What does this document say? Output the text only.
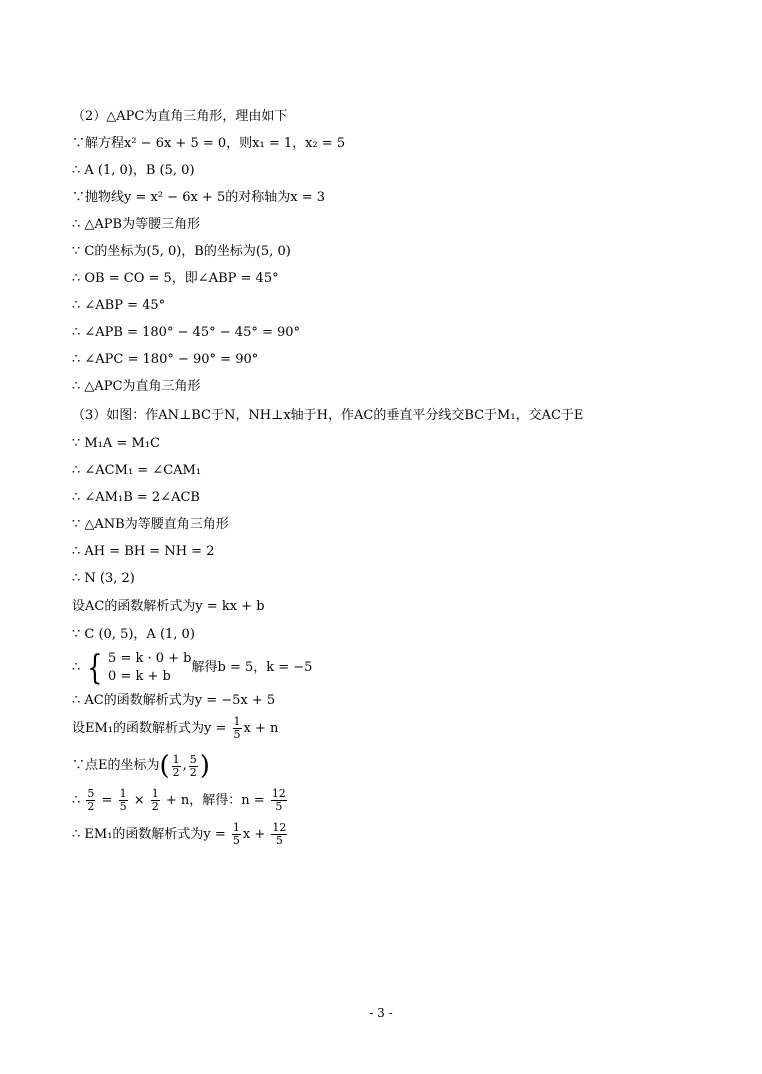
（2）△APC为直角三角形，理由如下
∵解方程x² − 6x + 5 = 0，则x₁ = 1，x₂ = 5
∴ A (1, 0)，B (5, 0)
∵抛物线y = x² − 6x + 5的对称轴为x = 3
∴ △APB为等腰三角形
∵ C的坐标为(5, 0)，B的坐标为(5, 0)
∴ OB = CO = 5，即∠ABP = 45°
∴ ∠ABP = 45°
∴ ∠APB = 180° − 45° − 45° = 90°
∴ ∠APC = 180° − 90° = 90°
∴ △APC为直角三角形
（3）如图：作AN⊥BC于N，NH⊥x轴于H，作AC的垂直平分线交BC于M₁，交AC于E
∵ M₁A = M₁C
∴ ∠ACM₁ = ∠CAM₁
∴ ∠AM₁B = 2∠ACB
∵ △ANB为等腰直角三角形
∴ AH = BH = NH = 2
∴ N (3, 2)
设AC的函数解析式为y = kx + b
∵ C (0, 5)，A (1, 0)
∴ { 5 = k · 0 + b
0 = k + b
解得b = 5，k = −5
∴ AC的函数解析式为y = −5x + 5
设EM₁的函数解析式为$y = \frac{1}{5}$ x + n
∵点E的坐标为 ( $\frac{1}{2}$ , $\frac{5}{2}$ )
∴ $\frac{5}{2} = \frac{1}{5} \times \frac{1}{2} + n$，解得：$n = \frac{12}{5}$
∴ EM₁的函数解析式为$y = \frac{1}{5}$ $x + \frac{12}{5}$
- 3 -
